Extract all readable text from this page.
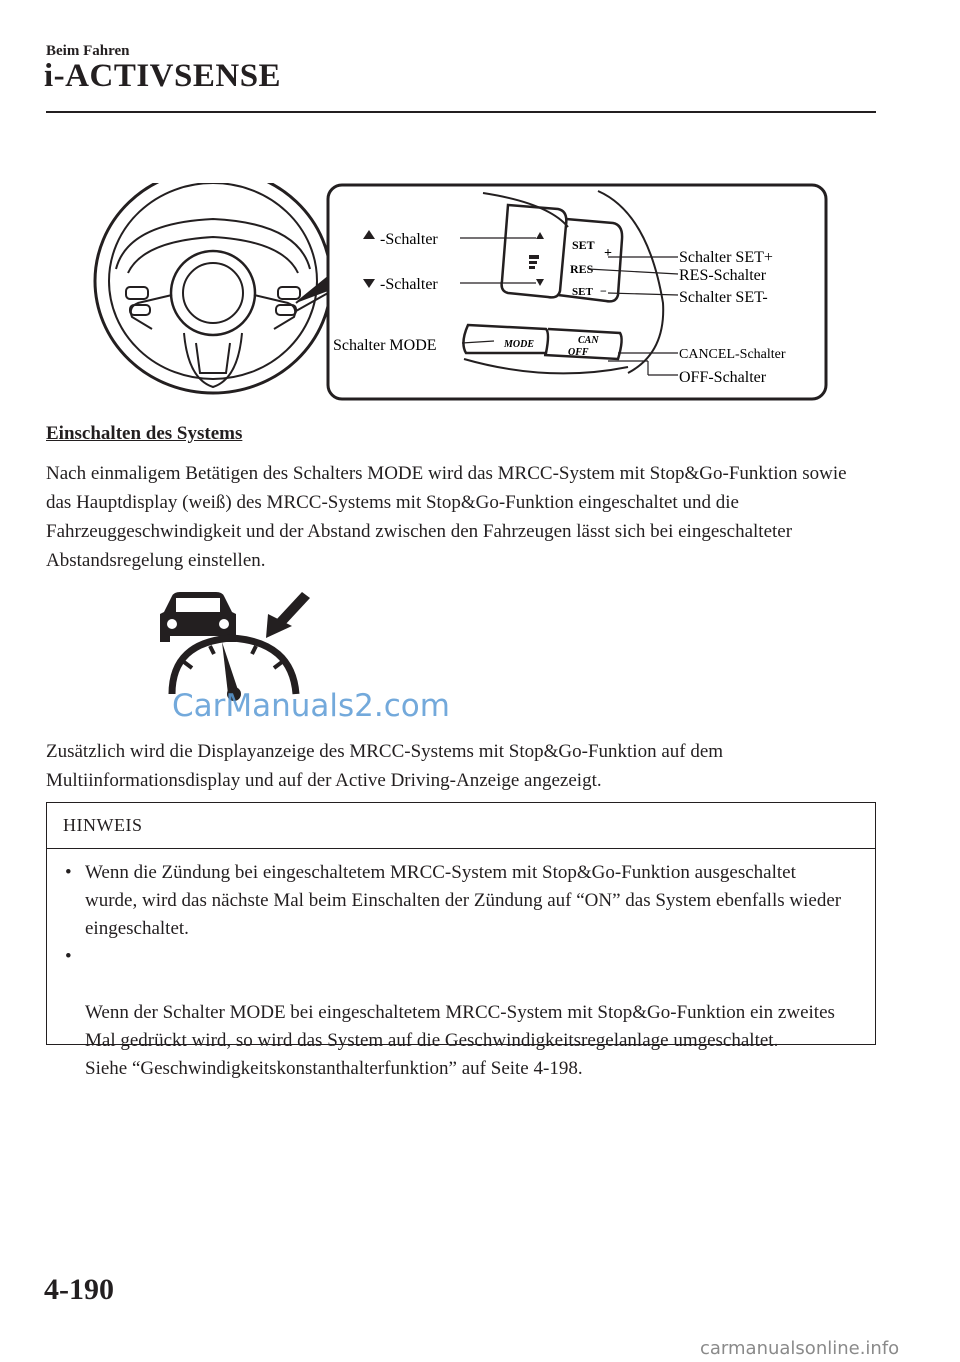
Beim Fahren
i-ACTIVSENSE
SET
+
RES
SET −
MODE	CAN
OFF
-Schalter
-Schalter
Schalter MODE
Schalter SET+
RES-Schalter
Schalter SET-
CANCEL-Schalter
OFF-Schalter
Einschalten des Systems

Nach einmaligem Betätigen des Schalters MODE wird das MRCC-System mit Stop&Go-Funktion sowie das Hauptdisplay (weiß) des MRCC-Systems mit Stop&Go-Funktion eingeschaltet und die Fahrzeuggeschwindigkeit und der Abstand zwischen den Fahrzeugen lässt sich bei eingeschalteter Abstandsregelung einstellen.

CarManuals2.com

Zusätzlich wird die Displayanzeige des MRCC-Systems mit Stop&Go-Funktion auf dem Multiinformationsdisplay und auf der Active Driving-Anzeige angezeigt.

HINWEIS
• Wenn die Zündung bei eingeschaltetem MRCC-System mit Stop&Go-Funktion ausgeschaltet wurde, wird das nächste Mal beim Einschalten der Zündung auf “ON” das System ebenfalls wieder eingeschaltet.

•

Wenn der Schalter MODE bei eingeschaltetem MRCC-System mit Stop&Go-Funktion ein zweites Mal gedrückt wird, so wird das System auf die Geschwindigkeitsregelanlage umgeschaltet.
Siehe “Geschwindigkeitskonstanthalterfunktion” auf Seite 4-198.

4-190
carmanualsonline.info
